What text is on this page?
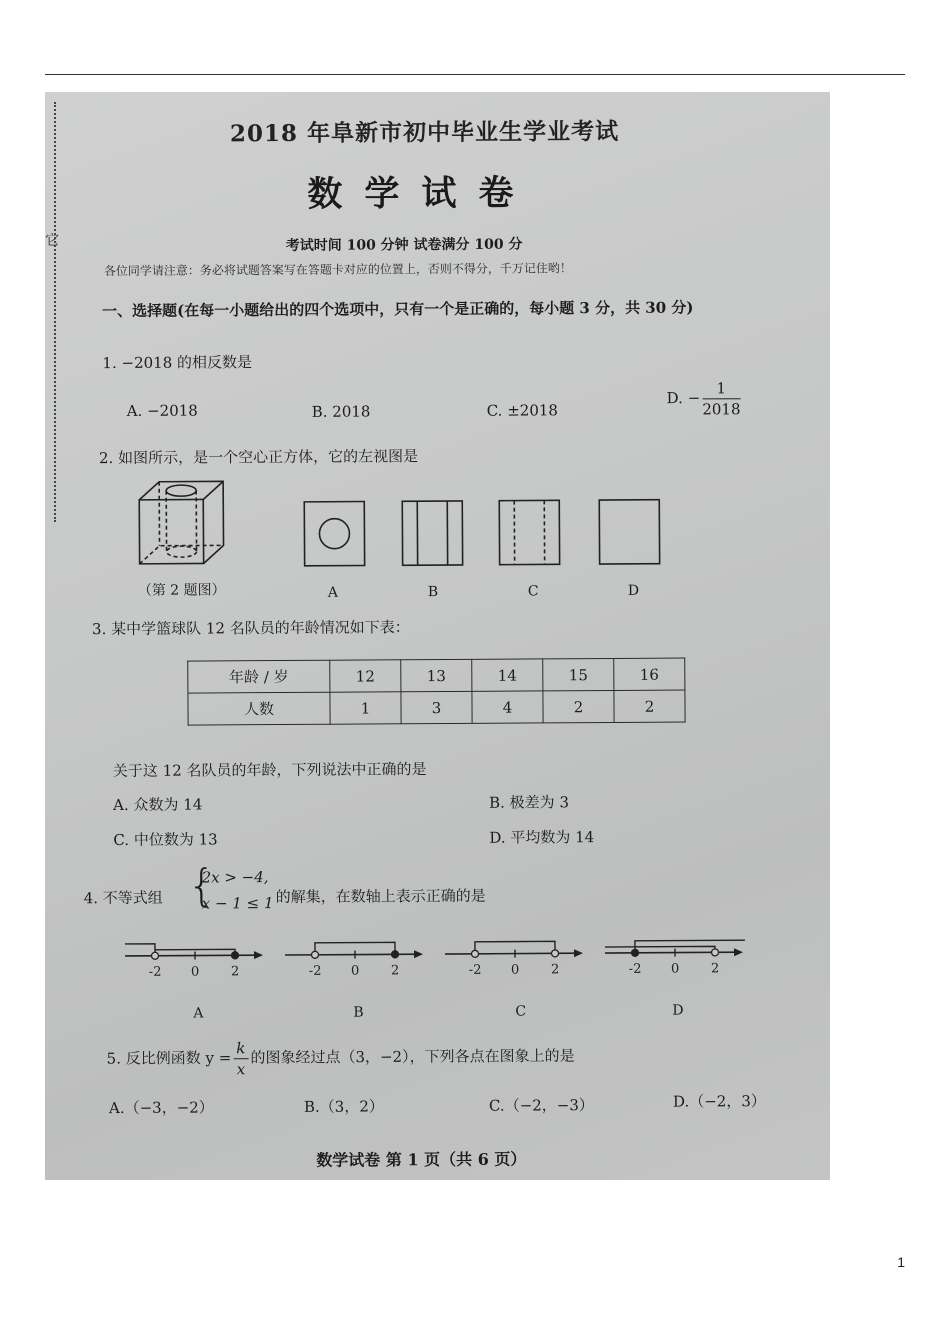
它
2018 年阜新市初中毕业生学业考试
数学试卷
考试时间 100 分钟 试卷满分 100 分
各位同学请注意：务必将试题答案写在答题卡对应的位置上，否则不得分，千万记住哟！
一、选择题(在每一小题给出的四个选项中，只有一个是正确的，每小题 3 分，共 30 分)
1. −2018 的相反数是
A. −2018	B. 2018	C. ±2018
D. − $\frac{1}{2018}$
2. 如图所示，是一个空心正方体，它的左视图是
（第 2 题图）	A	B	C	D
3. 某中学篮球队 12 名队员的年龄情况如下表：
年龄 / 岁	12	13	14	15	16
人数	1	3	4	2	2
关于这 12 名队员的年龄，下列说法中正确的是
A. 众数为 14	B. 极差为 3
C. 中位数为 13	D. 平均数为 14
4. 不等式组 {
2x > −4,
x − 1 ≤ 1 的解集，在数轴上表示正确的是
-2 0 2	-2 0 2	-2 0 2	-2 0 2
A	B	C	D
5. 反比例函数 $y = \frac{k}{x}$ 的图象经过点（3，−2），下列各点在图象上的是
A.（−3，−2）	B.（3，2）	C.（−2，−3）	D.（−2，3）
数学试卷 第 1 页（共 6 页）
1
